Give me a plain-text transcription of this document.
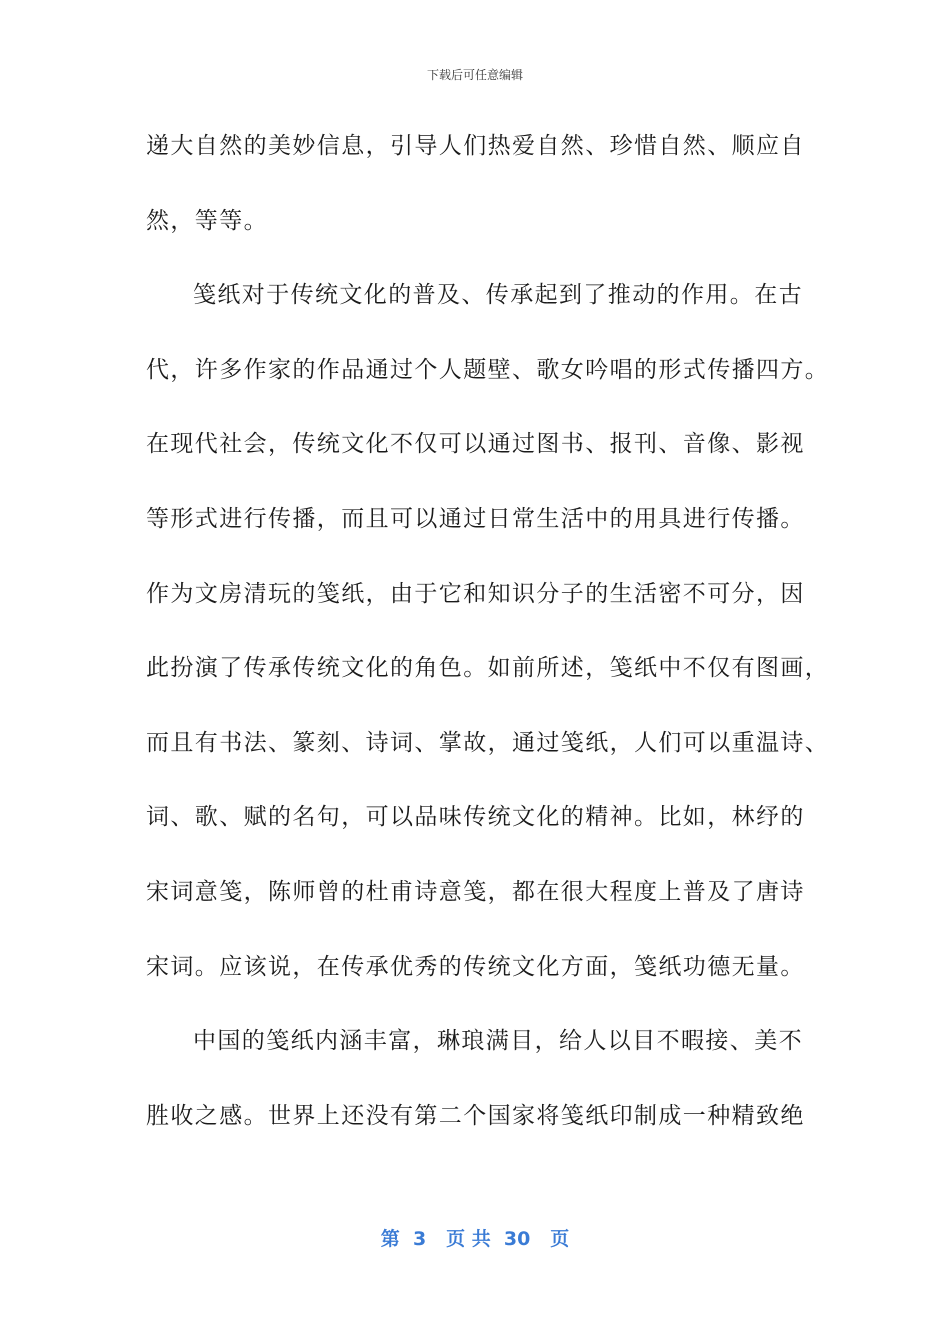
下载后可任意编辑
递大自然的美妙信息，引导人们热爱自然、珍惜自然、顺应自
然，等等。
笺纸对于传统文化的普及、传承起到了推动的作用。在古
代，许多作家的作品通过个人题壁、歌女吟唱的形式传播四方。
在现代社会，传统文化不仅可以通过图书、报刊、音像、影视
等形式进行传播，而且可以通过日常生活中的用具进行传播。
作为文房清玩的笺纸，由于它和知识分子的生活密不可分，因
此扮演了传承传统文化的角色。如前所述，笺纸中不仅有图画，
而且有书法、篆刻、诗词、掌故，通过笺纸，人们可以重温诗、
词、歌、赋的名句，可以品味传统文化的精神。比如，林纾的
宋词意笺，陈师曾的杜甫诗意笺，都在很大程度上普及了唐诗
宋词。应该说，在传承优秀的传统文化方面，笺纸功德无量。
中国的笺纸内涵丰富，琳琅满目，给人以目不暇接、美不
胜收之感。世界上还没有第二个国家将笺纸印制成一种精致绝
第  3   页 共  30   页
